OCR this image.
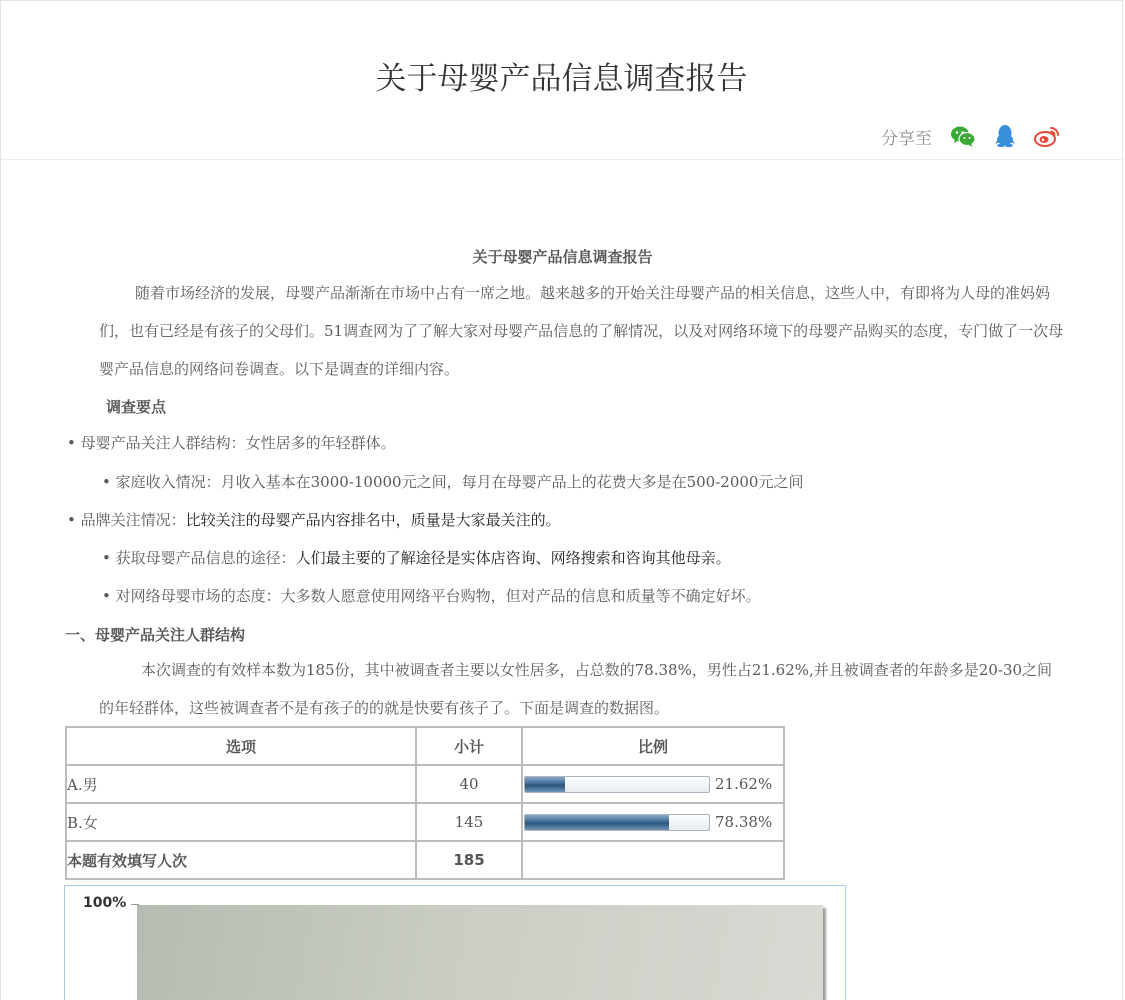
关于母婴产品信息调查报告
分享至
关于母婴产品信息调查报告
随着市场经济的发展，母婴产品渐渐在市场中占有一席之地。越来越多的开始关注母婴产品的相关信息，这些人中，有即将为人母的准妈妈们，也有已经是有孩子的父母们。51调查网为了了解大家对母婴产品信息的了解情况，以及对网络环境下的母婴产品购买的态度，专门做了一次母婴产品信息的网络问卷调查。以下是调查的详细内容。
调查要点
• 母婴产品关注人群结构：女性居多的年轻群体。
• 家庭收入情况：月收入基本在3000-10000元之间，每月在母婴产品上的花费大多是在500-2000元之间
• 品牌关注情况：比较关注的母婴产品内容排名中，质量是大家最关注的。
• 获取母婴产品信息的途径：人们最主要的了解途径是实体店咨询、网络搜索和咨询其他母亲。
• 对网络母婴市场的态度：大多数人愿意使用网络平台购物，但对产品的信息和质量等不确定好坏。
一、母婴产品关注人群结构
本次调查的有效样本数为185份，其中被调查者主要以女性居多，占总数的78.38%，男性占21.62%,并且被调查者的年龄多是20-30之间的年轻群体，这些被调查者不是有孩子的的就是快要有孩子了。下面是调查的数据图。
选项	小计	比例
A.男	40	21.62%

B.女	145	78.38%

本题有效填写人次	185	
100%
